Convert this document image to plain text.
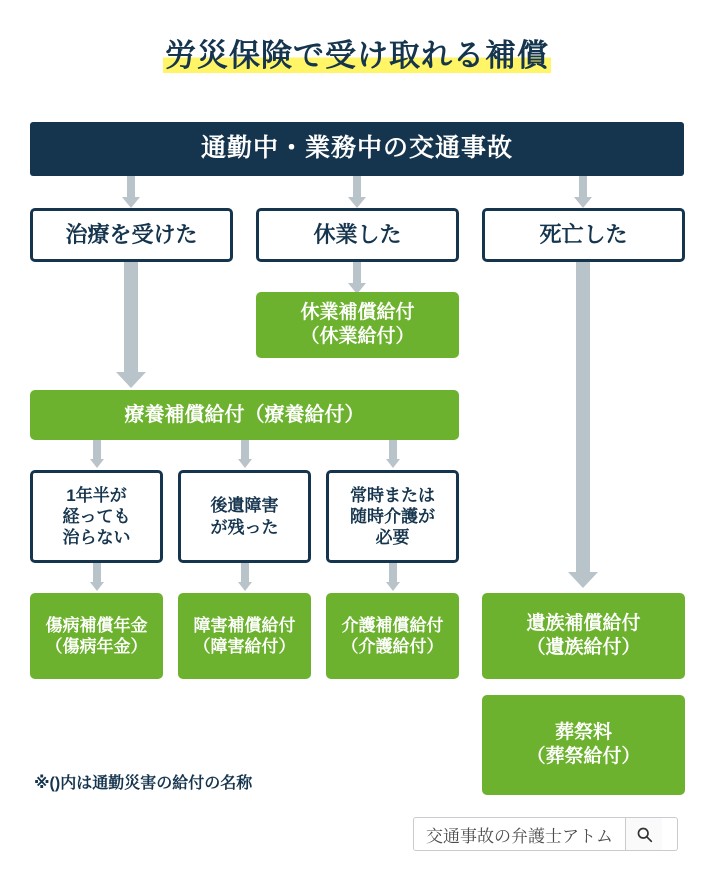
労災保険で受け取れる補償
通勤中・業務中の交通事故
治療を受けた	休業した	死亡した
休業補償給付
（休業給付）
療養補償給付（療養給付）
1年半が
経っても
治らない
後遺障害
が残った
常時または
随時介護が
必要
傷病補償年金
（傷病年金）
障害補償給付
（障害給付）
介護補償給付
（介護給付）
遺族補償給付
（遺族給付）
葬祭料
（葬祭給付）
※()内は通勤災害の給付の名称
交通事故の弁護士アトム
